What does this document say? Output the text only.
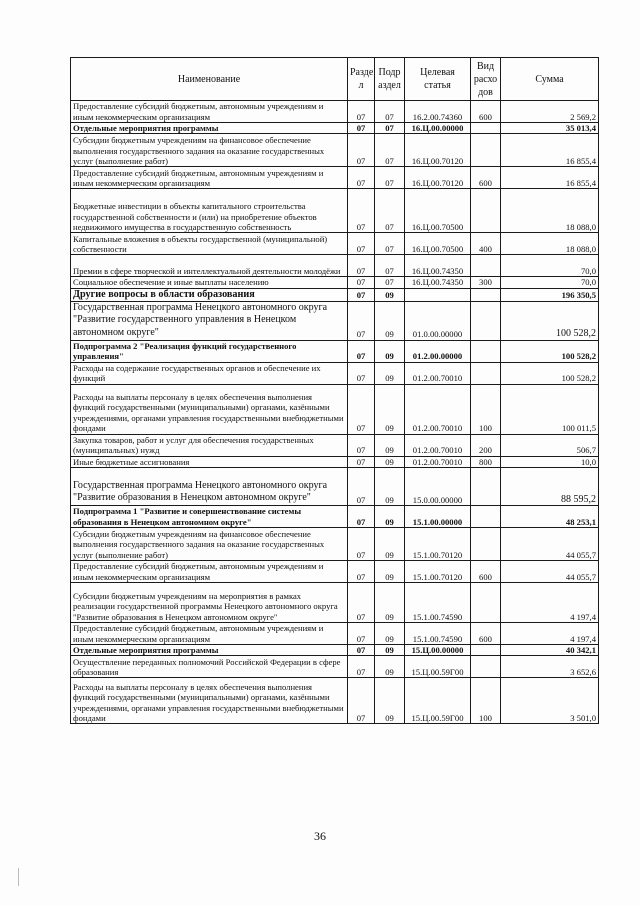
Наименование	Разде л	Подр аздел	Целевая статья	Вид расхо дов	Сумма
Предоставление субсидий бюджетным, автономным учреждениям и иным некоммерческим организациям	07	07	16.2.00.74360	600	2 569,2
Отдельные мероприятия программы	07	07	16.Ц.00.00000		35 013,4
Субсидии бюджетным учреждениям на финансовое обеспечение выполнения государственного задания на оказание государственных услуг (выполнение работ)	07	07	16.Ц.00.70120		16 855,4
Предоставление субсидий бюджетным, автономным учреждениям и иным некоммерческим организациям	07	07	16.Ц.00.70120	600	16 855,4
Бюджетные инвестиции в объекты капитального строительства государственной собственности и (или) на приобретение объектов недвижимого имущества в государственную собственность	07	07	16.Ц.00.70500		18 088,0
Капитальные вложения в объекты государственной (муниципальной) собственности	07	07	16.Ц.00.70500	400	18 088,0
Премии в сфере творческой и интеллектуальной деятельности молодёжи	07	07	16.Ц.00.74350		70,0
Социальное обеспечение и иные выплаты населению	07	07	16.Ц.00.74350	300	70,0
Другие вопросы в области образования	07	09			196 350,5
Государственная программа Ненецкого автономного округа "Развитие государственного управления в Ненецком автономном округе"	07	09	01.0.00.00000		100 528,2
Подпрограмма 2 "Реализация функций государственного управления"	07	09	01.2.00.00000		100 528,2
Расходы на содержание государственных органов и обеспечение их функций	07	09	01.2.00.70010		100 528,2
Расходы на выплаты персоналу в целях обеспечения выполнения функций государственными (муниципальными) органами, казёнными учреждениями, органами управления государственными внебюджетными фондами	07	09	01.2.00.70010	100	100 011,5
Закупка товаров, работ и услуг для обеспечения государственных (муниципальных) нужд	07	09	01.2.00.70010	200	506,7
Иные бюджетные ассигнования	07	09	01.2.00.70010	800	10,0
Государственная программа Ненецкого автономного округа "Развитие образования в Ненецком автономном округе"	07	09	15.0.00.00000		88 595,2
Подпрограмма 1 "Развитие и совершенствование системы образования в Ненецком автономном округе"	07	09	15.1.00.00000		48 253,1
Субсидии бюджетным учреждениям на финансовое обеспечение выполнения государственного задания на оказание государственных услуг (выполнение работ)	07	09	15.1.00.70120		44 055,7
Предоставление субсидий бюджетным, автономным учреждениям и иным некоммерческим организациям	07	09	15.1.00.70120	600	44 055,7
Субсидии бюджетным учреждениям на мероприятия в рамках реализации государственной программы Ненецкого автономного округа "Развитие образования в Ненецком автономном округе"	07	09	15.1.00.74590		4 197,4
Предоставление субсидий бюджетным, автономным учреждениям и иным некоммерческим организациям	07	09	15.1.00.74590	600	4 197,4
Отдельные мероприятия программы	07	09	15.Ц.00.00000		40 342,1
Осуществление переданных полномочий Российской Федерации в сфере образования	07	09	15.Ц.00.59Г00		3 652,6
Расходы на выплаты персоналу в целях обеспечения выполнения функций государственными (муниципальными) органами, казёнными учреждениями, органами управления государственными внебюджетными фондами	07	09	15.Ц.00.59Г00	100	3 501,0
36
